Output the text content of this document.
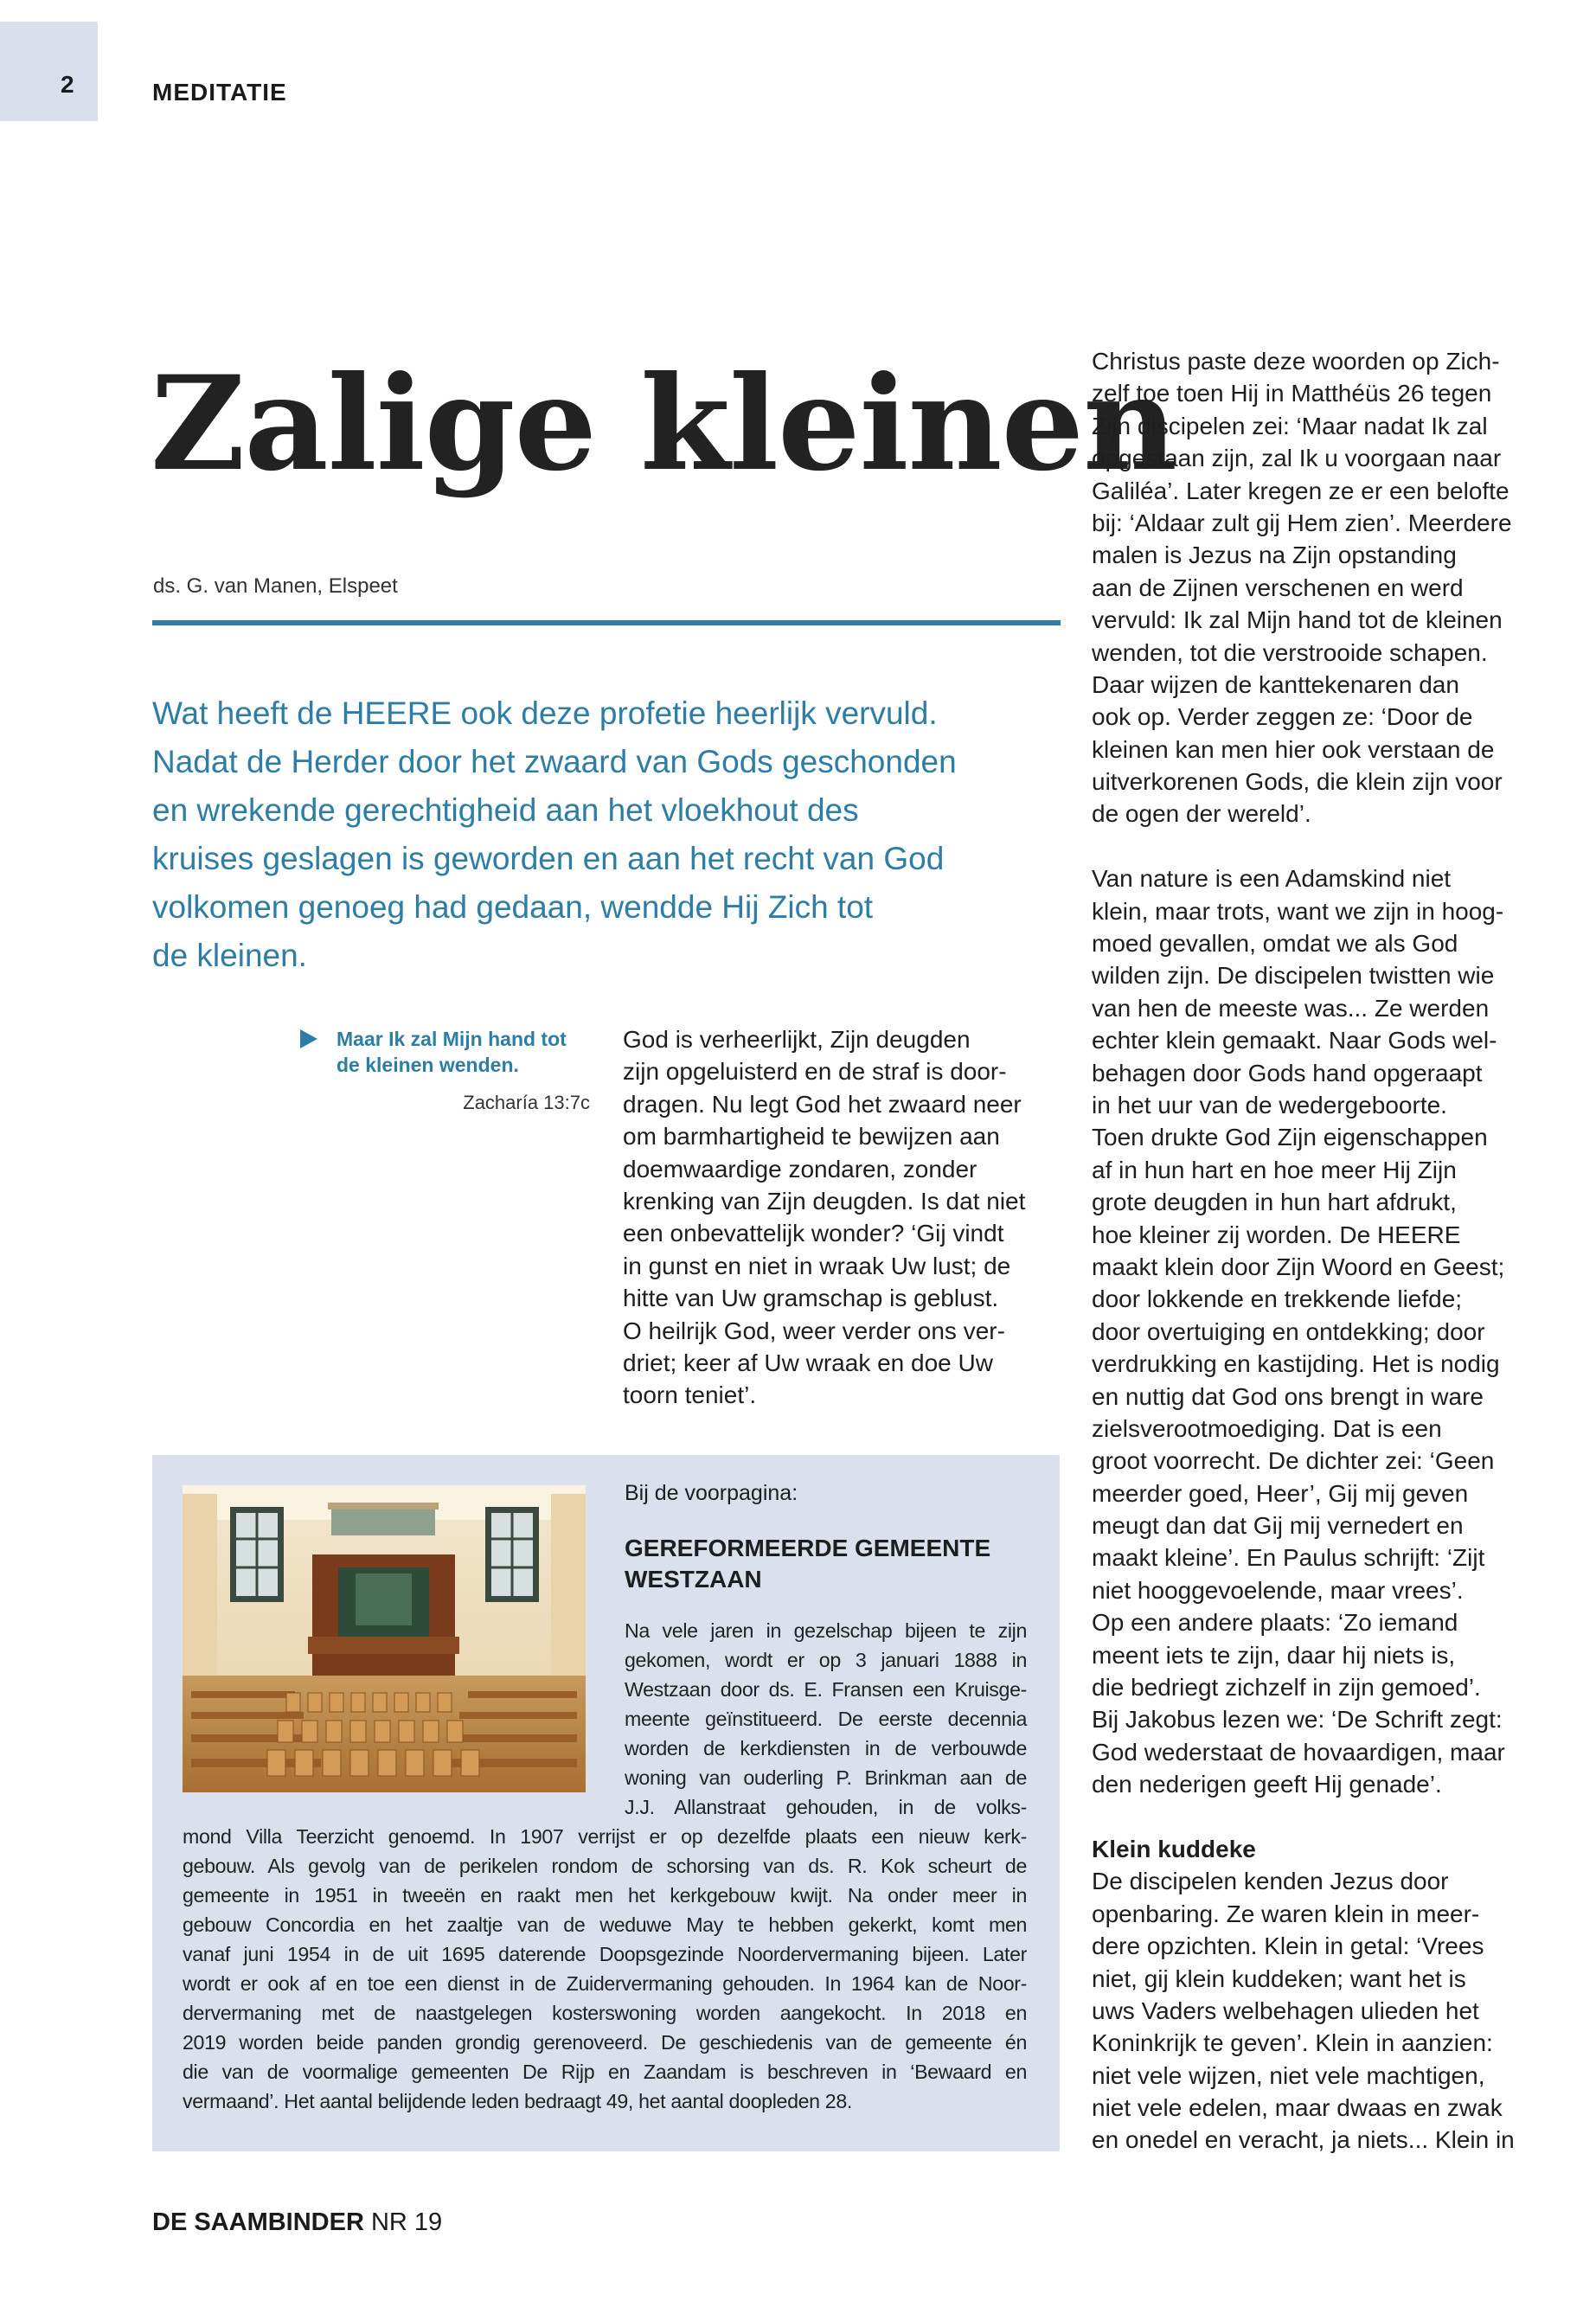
2	MEDITATIE
Zalige kleinen
ds. G. van Manen, Elspeet
Wat heeft de HEERE ook deze profetie heerlijk vervuld.
Nadat de Herder door het zwaard van Gods geschonden
en wrekende gerechtigheid aan het vloekhout des
kruises geslagen is geworden en aan het recht van God
volkomen genoeg had gedaan, wendde Hij Zich tot
de kleinen.
Maar Ik zal Mijn hand tot
de kleinen wenden.
Zacharía 13:7c
God is verheerlijkt, Zijn deugden
zijn opgeluisterd en de straf is door-
dragen. Nu legt God het zwaard neer
om barmhartigheid te bewijzen aan
doemwaardige zondaren, zonder
krenking van Zijn deugden. Is dat niet
een onbevattelijk wonder? ‘Gij vindt
in gunst en niet in wraak Uw lust; de
hitte van Uw gramschap is geblust.
O heilrijk God, weer verder ons ver-
driet; keer af Uw wraak en doe Uw
toorn teniet’.
Bij de voorpagina:
GEREFORMEERDE GEMEENTE
WESTZAAN
Na vele jaren in gezelschap bijeen te zijn
gekomen, wordt er op 3 januari 1888 in
Westzaan door ds. E. Fransen een Kruisge-
meente geïnstitueerd. De eerste decennia
worden de kerkdiensten in de verbouwde
woning van ouderling P. Brinkman aan de
J.J. Allanstraat gehouden, in de volks-
mond Villa Teerzicht genoemd. In 1907 verrijst er op dezelfde plaats een nieuw kerk-
gebouw. Als gevolg van de perikelen rondom de schorsing van ds. R. Kok scheurt de
gemeente in 1951 in tweeën en raakt men het kerkgebouw kwijt. Na onder meer in
gebouw Concordia en het zaaltje van de weduwe May te hebben gekerkt, komt men
vanaf juni 1954 in de uit 1695 daterende Doopsgezinde Noordervermaning bijeen. Later
wordt er ook af en toe een dienst in de Zuidervermaning gehouden. In 1964 kan de Noor-
dervermaning met de naastgelegen kosterswoning worden aangekocht. In 2018 en
2019 worden beide panden grondig gerenoveerd. De geschiedenis van de gemeente én
die van de voormalige gemeenten De Rijp en Zaandam is beschreven in ‘Bewaard en
vermaand’. Het aantal belijdende leden bedraagt 49, het aantal doopleden 28.
Christus paste deze woorden op Zich-
zelf toe toen Hij in Matthéüs 26 tegen
Zijn discipelen zei: ‘Maar nadat Ik zal
opgestaan zijn, zal Ik u voorgaan naar
Galiléa’. Later kregen ze er een belofte
bij: ‘Aldaar zult gij Hem zien’. Meerdere
malen is Jezus na Zijn opstanding
aan de Zijnen verschenen en werd
vervuld: Ik zal Mijn hand tot de kleinen
wenden, tot die verstrooide schapen.
Daar wijzen de kanttekenaren dan
ook op. Verder zeggen ze: ‘Door de
kleinen kan men hier ook verstaan de
uitverkorenen Gods, die klein zijn voor
de ogen der wereld’.
Van nature is een Adamskind niet
klein, maar trots, want we zijn in hoog-
moed gevallen, omdat we als God
wilden zijn. De discipelen twistten wie
van hen de meeste was... Ze werden
echter klein gemaakt. Naar Gods wel-
behagen door Gods hand opgeraapt
in het uur van de wedergeboorte.
Toen drukte God Zijn eigenschappen
af in hun hart en hoe meer Hij Zijn
grote deugden in hun hart afdrukt,
hoe kleiner zij worden. De HEERE
maakt klein door Zijn Woord en Geest;
door lokkende en trekkende liefde;
door overtuiging en ontdekking; door
verdrukking en kastijding. Het is nodig
en nuttig dat God ons brengt in ware
zielsverootmoediging. Dat is een
groot voorrecht. De dichter zei: ‘Geen
meerder goed, Heer’, Gij mij geven
meugt dan dat Gij mij vernedert en
maakt kleine’. En Paulus schrijft: ‘Zijt
niet hooggevoelende, maar vrees’.
Op een andere plaats: ‘Zo iemand
meent iets te zijn, daar hij niets is,
die bedriegt zichzelf in zijn gemoed’.
Bij Jakobus lezen we: ‘De Schrift zegt:
God wederstaat de hovaardigen, maar
den nederigen geeft Hij genade’.
Klein kuddeke
De discipelen kenden Jezus door
openbaring. Ze waren klein in meer-
dere opzichten. Klein in getal: ‘Vrees
niet, gij klein kuddeken; want het is
uws Vaders welbehagen ulieden het
Koninkrijk te geven’. Klein in aanzien:
niet vele wijzen, niet vele machtigen,
niet vele edelen, maar dwaas en zwak
en onedel en veracht, ja niets... Klein in
DE SAAMBINDER NR 19
